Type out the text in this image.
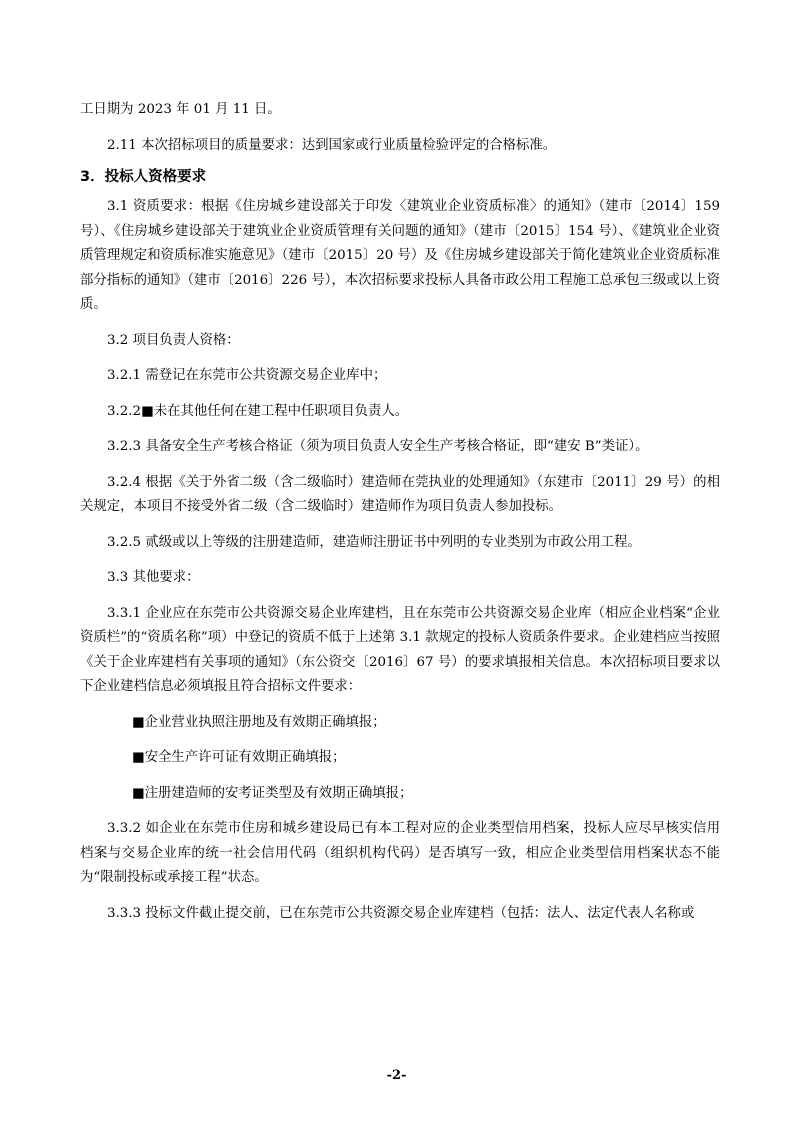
工日期为 2023 年 01 月 11 日。

2.11 本次招标项目的质量要求：达到国家或行业质量检验评定的合格标准。

3．投标人资格要求

3.1 资质要求：根据《住房城乡建设部关于印发〈建筑业企业资质标准〉的通知》（建市〔2014〕159 号）、《住房城乡建设部关于建筑业企业资质管理有关问题的通知》（建市〔2015〕154 号）、《建筑业企业资质管理规定和资质标准实施意见》（建市〔2015〕20 号）及《住房城乡建设部关于简化建筑业企业资质标准部分指标的通知》（建市〔2016〕226 号），本次招标要求投标人具备市政公用工程施工总承包三级或以上资质。

3.2 项目负责人资格：

3.2.1 需登记在东莞市公共资源交易企业库中；

3.2.2■未在其他任何在建工程中任职项目负责人。

3.2.3 具备安全生产考核合格证（须为项目负责人安全生产考核合格证，即“建安 B”类证）。

3.2.4 根据《关于外省二级（含二级临时）建造师在莞执业的处理通知》（东建市〔2011〕29 号）的相关规定，本项目不接受外省二级（含二级临时）建造师作为项目负责人参加投标。

3.2.5 贰级或以上等级的注册建造师，建造师注册证书中列明的专业类别为市政公用工程。

3.3 其他要求：

3.3.1 企业应在东莞市公共资源交易企业库建档，且在东莞市公共资源交易企业库（相应企业档案“企业资质栏”的“资质名称”项）中登记的资质不低于上述第 3.1 款规定的投标人资质条件要求。企业建档应当按照《关于企业库建档有关事项的通知》（东公资交〔2016〕67 号）的要求填报相关信息。本次招标项目要求以下企业建档信息必须填报且符合招标文件要求：

■企业营业执照注册地及有效期正确填报；

■安全生产许可证有效期正确填报；

■注册建造师的安考证类型及有效期正确填报；

3.3.2 如企业在东莞市住房和城乡建设局已有本工程对应的企业类型信用档案，投标人应尽早核实信用档案与交易企业库的统一社会信用代码（组织机构代码）是否填写一致，相应企业类型信用档案状态不能为“限制投标或承接工程”状态。

3.3.3 投标文件截止提交前，已在东莞市公共资源交易企业库建档（包括：法人、法定代表人名称或

-2-
